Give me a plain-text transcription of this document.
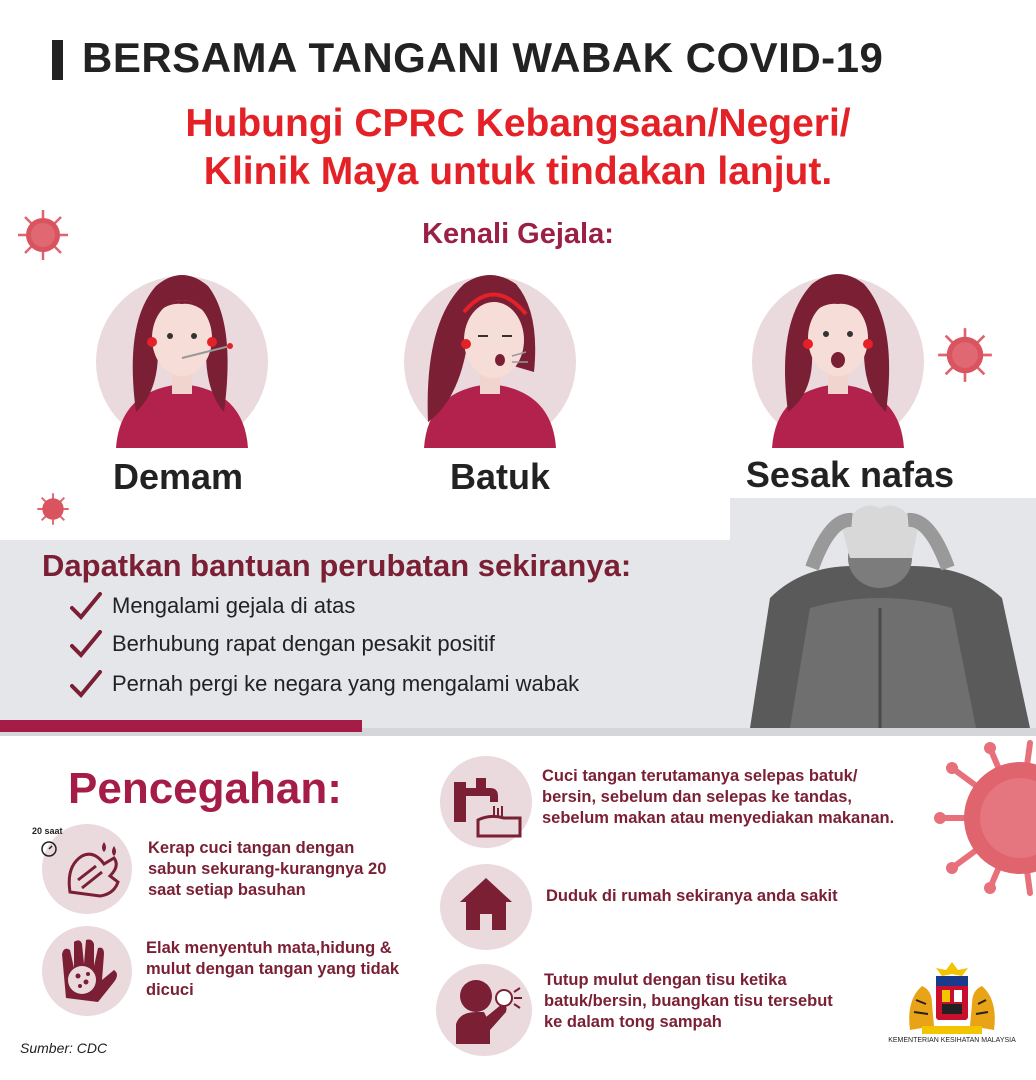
BERSAMA TANGANI WABAK COVID-19
Hubungi CPRC Kebangsaan/Negeri/
Klinik Maya untuk tindakan lanjut.
Kenali Gejala:
Demam	Batuk	Sesak nafas
Dapatkan bantuan perubatan sekiranya:
Mengalami gejala di atas
Berhubung rapat dengan pesakit positif
Pernah pergi ke negara yang mengalami wabak
Pencegahan:
20 saat
Kerap cuci tangan dengan sabun sekurang-kurangnya 20 saat setiap basuhan
Elak menyentuh mata,hidung & mulut dengan tangan yang tidak dicuci
Cuci tangan terutamanya selepas batuk/ bersin, sebelum dan selepas ke tandas, sebelum makan atau menyediakan makanan.
Duduk di rumah sekiranya anda sakit
Tutup mulut dengan tisu ketika batuk/bersin, buangkan tisu tersebut ke dalam tong sampah
Sumber: CDC	KEMENTERIAN KESIHATAN MALAYSIA
